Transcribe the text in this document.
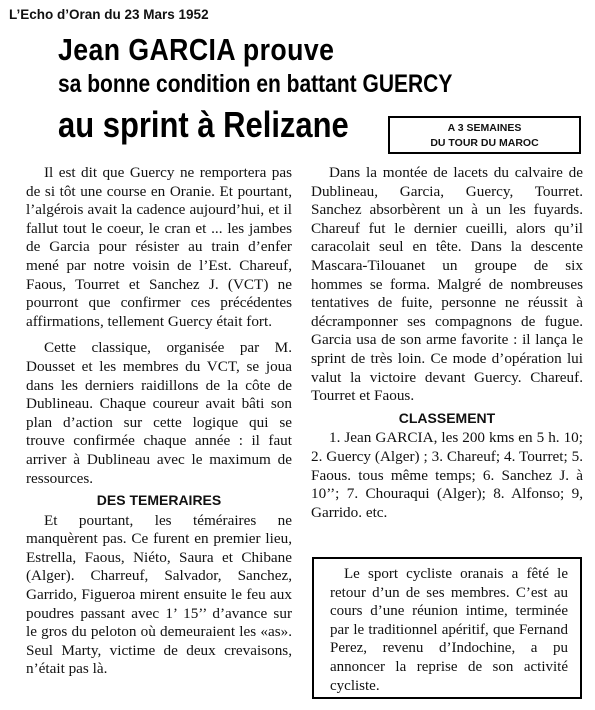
L’Echo d’Oran du 23 Mars 1952
Jean GARCIA prouve
sa bonne condition en battant GUERCY
au sprint à Relizane	A 3 SEMAINES
DU TOUR DU MAROC

Il est dit que Guercy ne remportera pas de si tôt une course en Oranie. Et pourtant, l’algérois avait la cadence aujourd’hui, et il fallut tout le coeur, le cran et ... les jambes de Garcia pour résister au train d’enfer mené par notre voisin de l’Est. Chareuf, Faous, Tourret et Sanchez J. (VCT) ne pourront que confirmer ces précédentes affirmations, tellement Guercy était fort.

Cette classique, organisée par M. Dousset et les membres du VCT, se joua dans les derniers raidillons de la côte de Dublineau. Chaque coureur avait bâti son plan d’action sur cette logique qui se trouve confirmée chaque année : il faut arriver à Dublineau avec le maximum de ressources.

DES TEMERAIRES

Et pourtant, les téméraires ne manquèrent pas. Ce furent en premier lieu, Estrella, Faous, Niéto, Saura et Chibane (Alger). Charreuf, Salvador, Sanchez, Garrido, Figueroa mirent ensuite le feu aux poudres passant avec 1’ 15’’ d’avance sur le gros du peloton où demeuraient les «as». Seul Marty, victime de deux crevaisons, n’était pas là.

Dans la montée de lacets du calvaire de Dublineau, Garcia, Guercy, Tourret. Sanchez absorbèrent un à un les fuyards. Chareuf fut le dernier cueilli, alors qu’il caracolait seul en tête. Dans la descente Mascara-Tilouanet un groupe de six hommes se forma. Malgré de nombreuses tentatives de fuite, personne ne réussit à décramponner ses compagnons de fugue. Garcia usa de son arme favorite : il lança le sprint de très loin. Ce mode d’opération lui valut la victoire devant Guercy. Chareuf. Tourret et Faous.

CLASSEMENT

1. Jean GARCIA, les 200 kms en 5 h. 10; 2. Guercy (Alger) ; 3. Chareuf; 4. Tourret; 5. Faous. tous même temps; 6. Sanchez J. à 10’’; 7. Chouraqui (Alger); 8. Alfonso; 9, Garrido. etc.

Le sport cycliste oranais a fêté le retour d’un de ses membres. C’est au cours d’une réunion intime, terminée par le traditionnel apéritif, que Fernand Perez, revenu d’Indochine, a pu annoncer la reprise de son activité cycliste.
